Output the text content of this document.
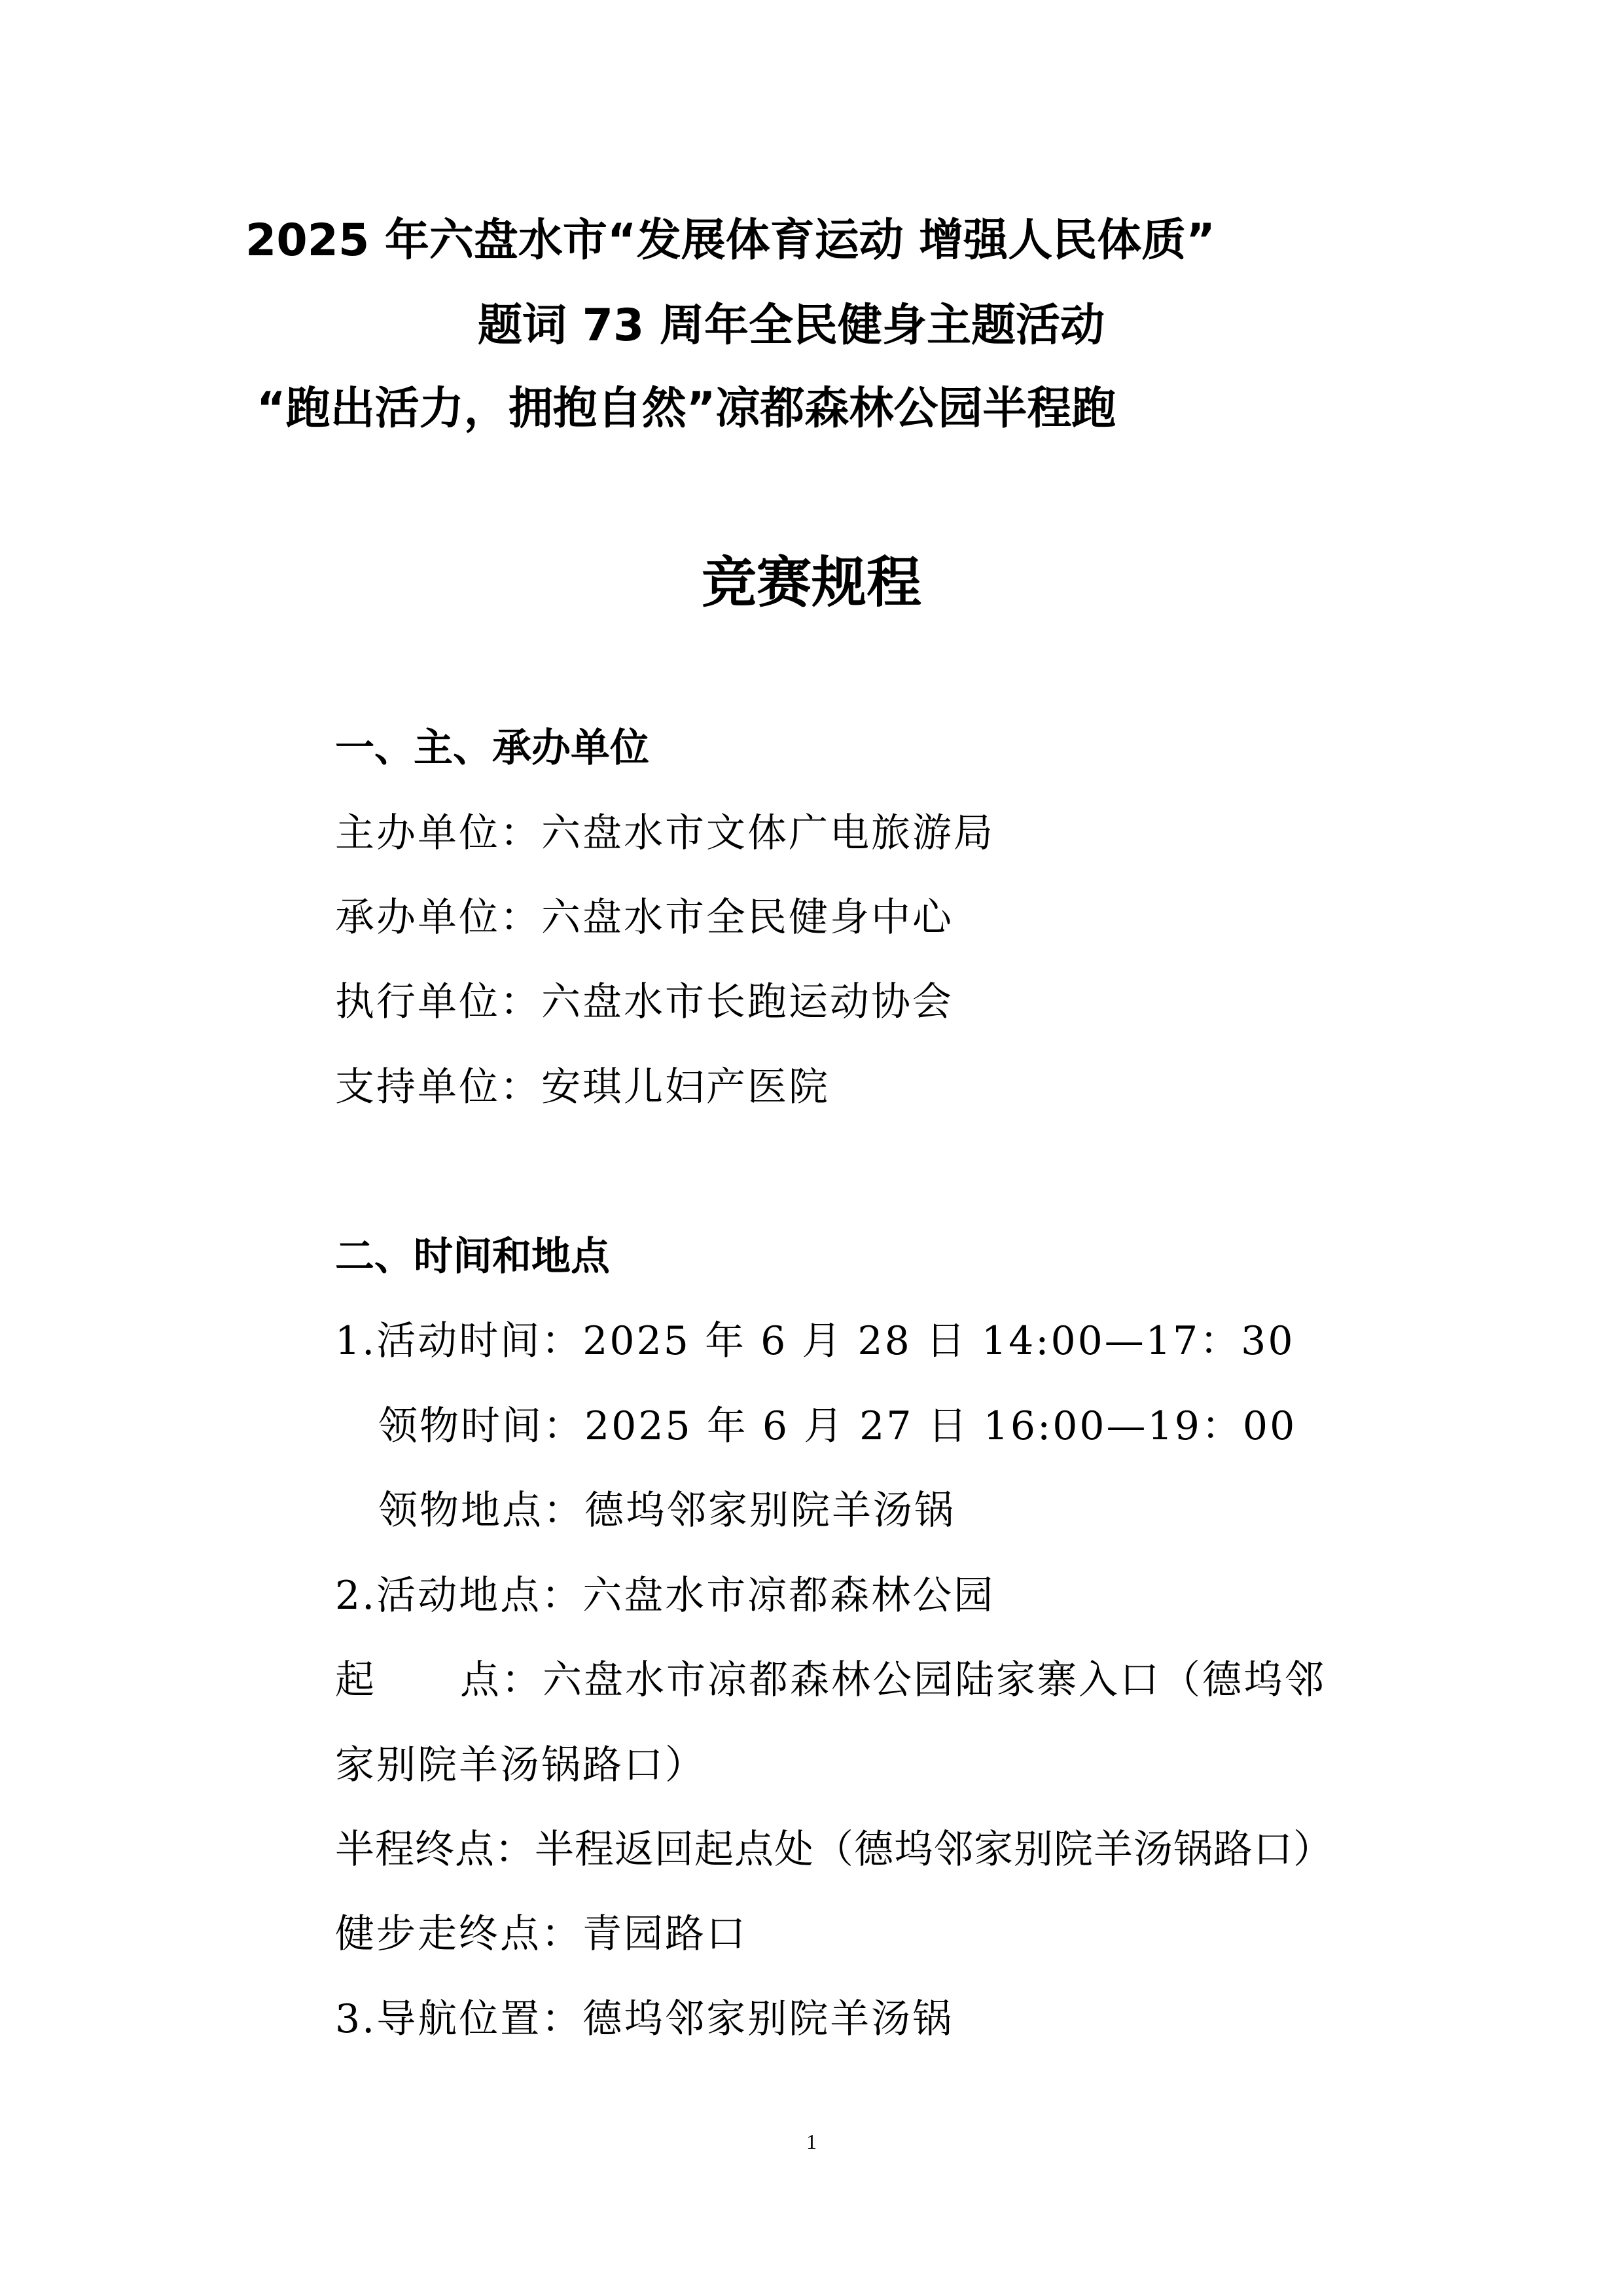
2025 年六盘水市“发展体育运动 增强人民体质”
题词 73 周年全民健身主题活动
“跑出活力，拥抱自然”凉都森林公园半程跑
竞赛规程
一、主、承办单位
主办单位：六盘水市文体广电旅游局
承办单位：六盘水市全民健身中心
执行单位：六盘水市长跑运动协会
支持单位：安琪儿妇产医院
二、时间和地点
1.活动时间：2025 年 6 月 28 日 14:00—17：30
领物时间：2025 年 6 月 27 日 16:00—19：00
领物地点：德坞邻家别院羊汤锅
2.活动地点：六盘水市凉都森林公园
起 点：六盘水市凉都森林公园陆家寨入口（德坞邻
家别院羊汤锅路口）
半程终点：半程返回起点处（德坞邻家别院羊汤锅路口）
健步走终点：青园路口
3.导航位置：德坞邻家别院羊汤锅
1
